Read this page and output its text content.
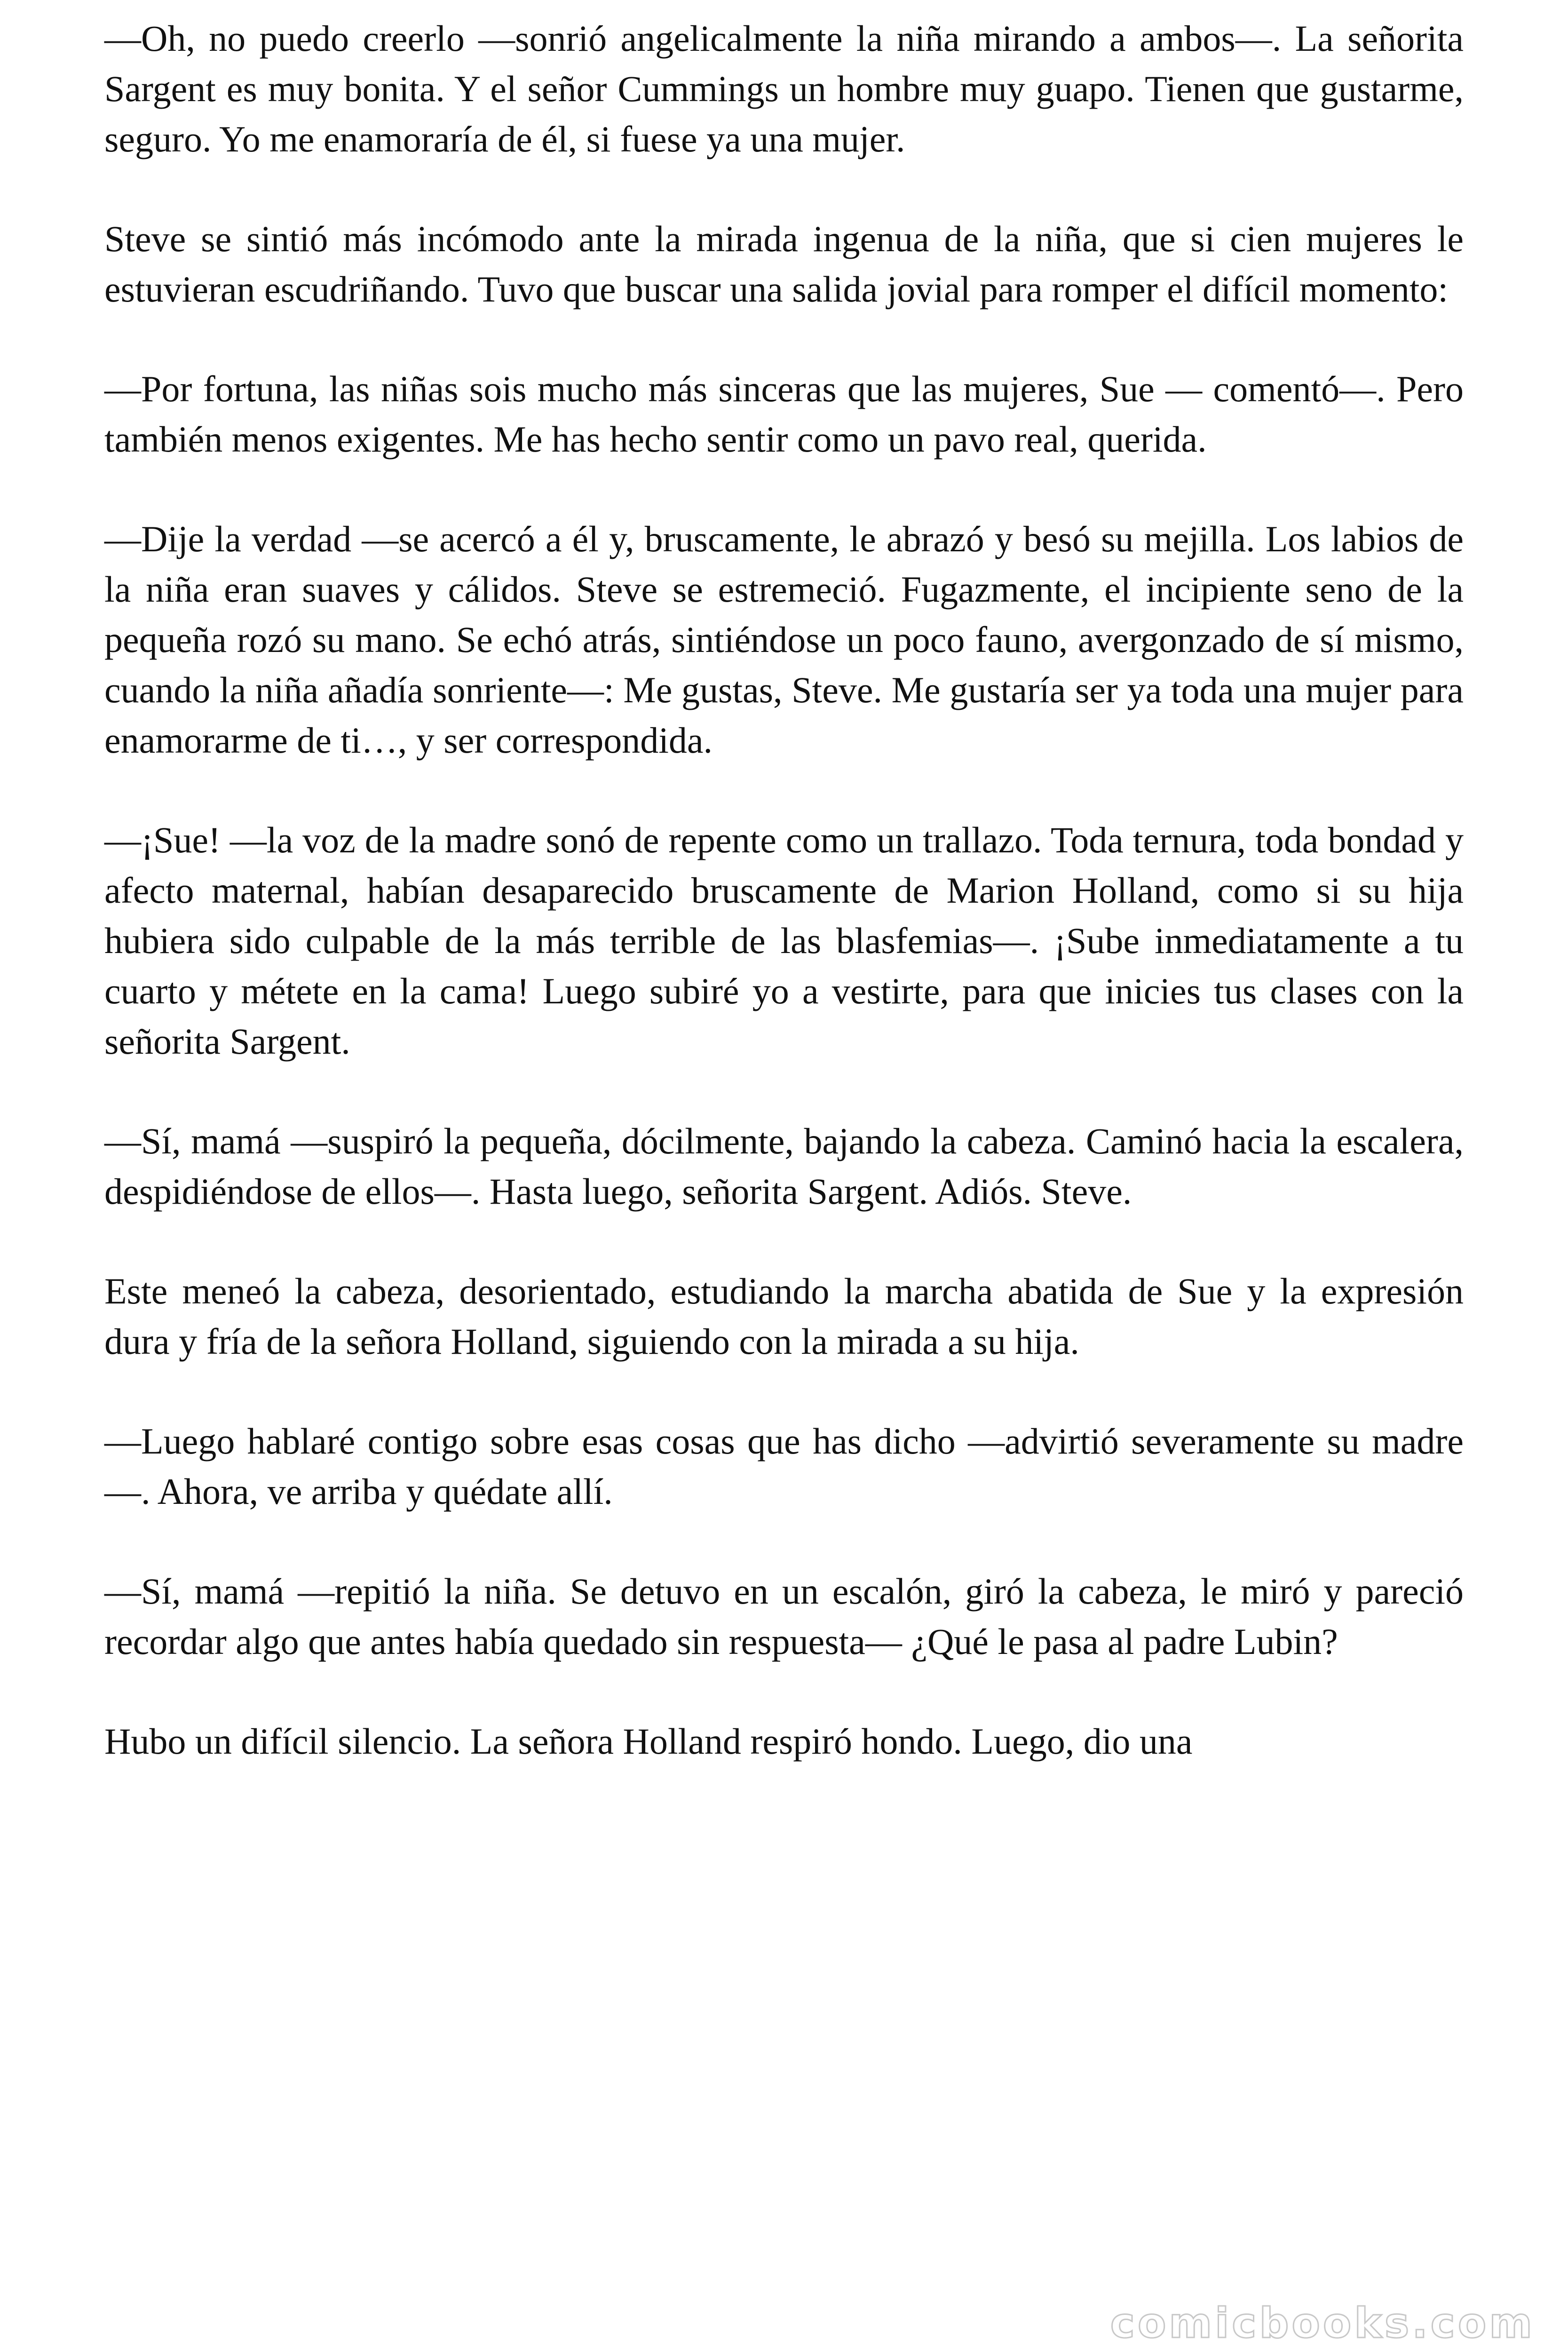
—Oh, no puedo creerlo —sonrió angelicalmente la niña mirando a ambos—. La señorita Sargent es muy bonita. Y el señor Cummings un hombre muy guapo. Tienen que gustarme, seguro. Yo me enamoraría de él, si fuese ya una mujer.

Steve se sintió más incómodo ante la mirada ingenua de la niña, que si cien mujeres le estuvieran escudriñando. Tuvo que buscar una salida jovial para romper el difícil momento:

—Por fortuna, las niñas sois mucho más sinceras que las mujeres, Sue — comentó—. Pero también menos exigentes. Me has hecho sentir como un pavo real, querida.

—Dije la verdad —se acercó a él y, bruscamente, le abrazó y besó su mejilla. Los labios de la niña eran suaves y cálidos. Steve se estremeció. Fugazmente, el incipiente seno de la pequeña rozó su mano. Se echó atrás, sintiéndose un poco fauno, avergonzado de sí mismo, cuando la niña añadía sonriente—: Me gustas, Steve. Me gustaría ser ya toda una mujer para enamorarme de ti…, y ser correspondida.

—¡Sue! —la voz de la madre sonó de repente como un trallazo. Toda ternura, toda bondad y afecto maternal, habían desaparecido bruscamente de Marion Holland, como si su hija hubiera sido culpable de la más terrible de las blasfemias—. ¡Sube inmediatamente a tu cuarto y métete en la cama! Luego subiré yo a vestirte, para que inicies tus clases con la señorita Sargent.

—Sí, mamá —suspiró la pequeña, dócilmente, bajando la cabeza. Caminó hacia la escalera, despidiéndose de ellos—. Hasta luego, señorita Sargent. Adiós. Steve.

Este meneó la cabeza, desorientado, estudiando la marcha abatida de Sue y la expresión dura y fría de la señora Holland, siguiendo con la mirada a su hija.

—Luego hablaré contigo sobre esas cosas que has dicho —advirtió severamente su madre—. Ahora, ve arriba y quédate allí.

—Sí, mamá —repitió la niña. Se detuvo en un escalón, giró la cabeza, le miró y pareció recordar algo que antes había quedado sin respuesta— ¿Qué le pasa al padre Lubin?

Hubo un difícil silencio. La señora Holland respiró hondo. Luego, dio una

comicbooks.com
